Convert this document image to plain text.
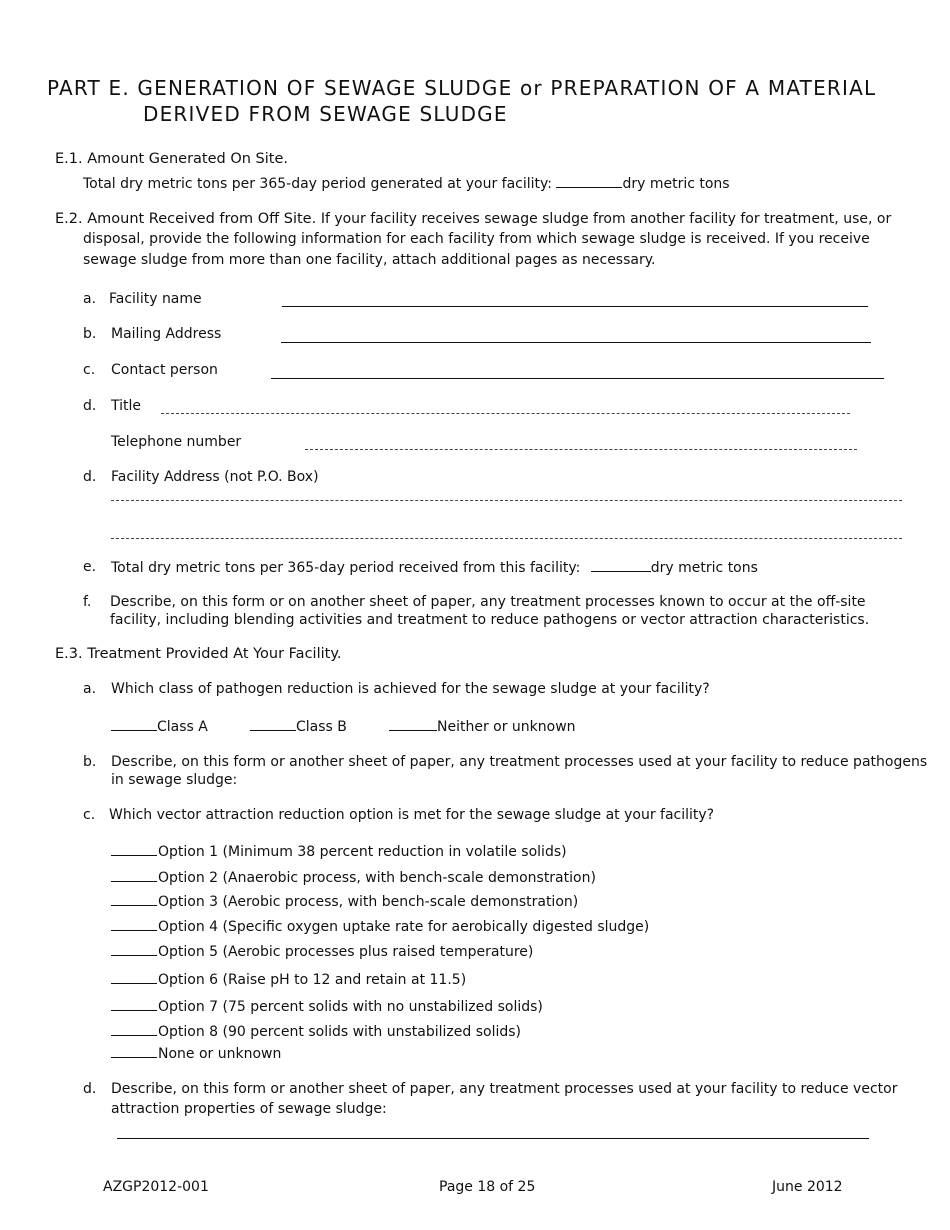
PART E. GENERATION OF SEWAGE SLUDGE or PREPARATION OF A MATERIAL
DERIVED FROM SEWAGE SLUDGE
E.1. Amount Generated On Site.
Total dry metric tons per 365-day period generated at your facility:	dry metric tons
E.2. Amount Received from Off Site. If your facility receives sewage sludge from another facility for treatment, use, or
disposal, provide the following information for each facility from which sewage sludge is received. If you receive
sewage sludge from more than one facility, attach additional pages as necessary.
a. Facility name
b. Mailing Address
c. Contact person
d. Title
Telephone number
d. Facility Address (not P.O. Box)
e. Total dry metric tons per 365-day period received from this facility:	dry metric tons
f. Describe, on this form or on another sheet of paper, any treatment processes known to occur at the off-site
facility, including blending activities and treatment to reduce pathogens or vector attraction characteristics.
E.3. Treatment Provided At Your Facility.
a. Which class of pathogen reduction is achieved for the sewage sludge at your facility?
Class A	Class B	Neither or unknown
b. Describe, on this form or another sheet of paper, any treatment processes used at your facility to reduce pathogens
in sewage sludge:
c. Which vector attraction reduction option is met for the sewage sludge at your facility?
Option 1 (Minimum 38 percent reduction in volatile solids)
Option 2 (Anaerobic process, with bench-scale demonstration)
Option 3 (Aerobic process, with bench-scale demonstration)
Option 4 (Specific oxygen uptake rate for aerobically digested sludge)
Option 5 (Aerobic processes plus raised temperature)
Option 6 (Raise pH to 12 and retain at 11.5)
Option 7 (75 percent solids with no unstabilized solids)
Option 8 (90 percent solids with unstabilized solids)
None or unknown
d. Describe, on this form or another sheet of paper, any treatment processes used at your facility to reduce vector
attraction properties of sewage sludge:
AZGP2012-001	Page 18 of 25	June 2012
